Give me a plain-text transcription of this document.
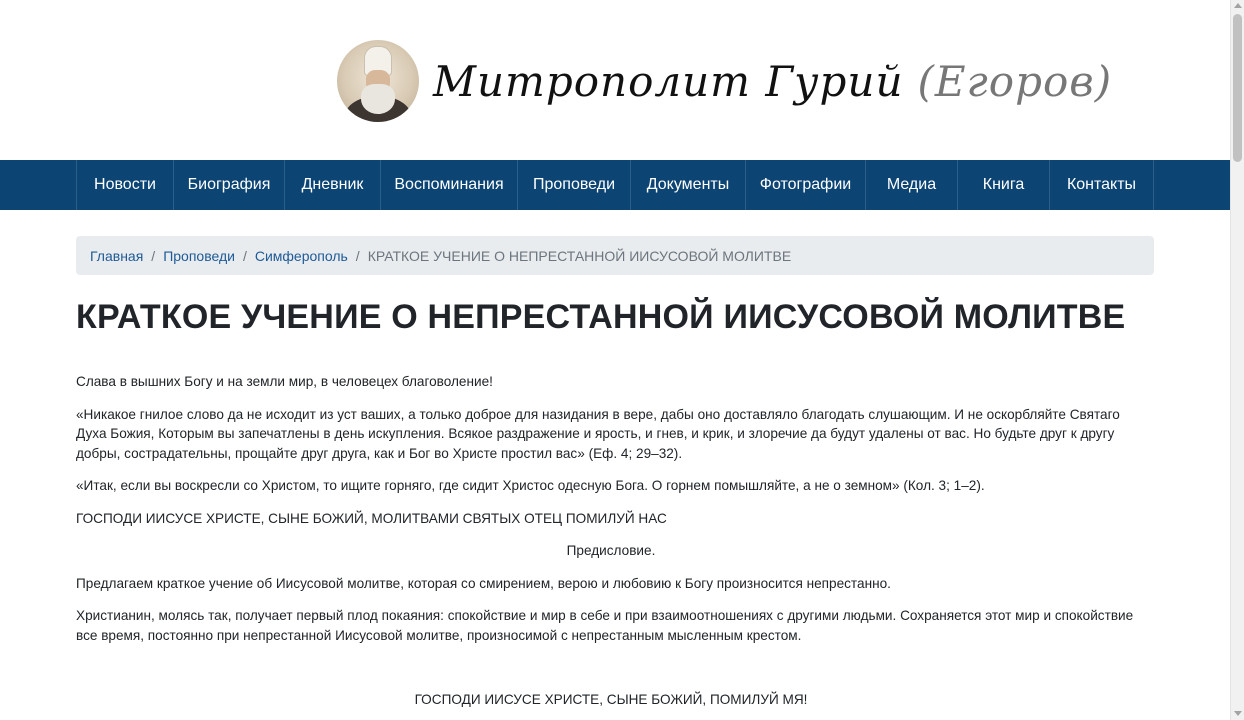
Митрополит Гурий (Егоров)
Новости	Биография	Дневник	Воспоминания	Проповеди	Документы	Фотографии	Медиа	Книга	Контакты
Главная / Проповеди / Симферополь / КРАТКОЕ УЧЕНИЕ О НЕПРЕСТАННОЙ ИИСУСОВОЙ МОЛИТВЕ
КРАТКОЕ УЧЕНИЕ О НЕПРЕСТАННОЙ ИИСУСОВОЙ МОЛИТВЕ

Слава в вышних Богу и на земли мир, в человецех благоволение!

«Никакое гнилое слово да не исходит из уст ваших, а только доброе для назидания в вере, дабы оно доставляло благодать слушающим. И не оскорбляйте Святаго Духа Божия, Которым вы запечатлены в день искупления. Всякое раздражение и ярость, и гнев, и крик, и злоречие да будут удалены от вас. Но будьте друг к другу добры, сострадательны, прощайте друг друга, как и Бог во Христе простил вас» (Еф. 4; 29–32).

«Итак, если вы воскресли со Христом, то ищите горняго, где сидит Христос одесную Бога. О горнем помышляйте, а не о земном» (Кол. 3; 1–2).

ГОСПОДИ ИИСУСЕ ХРИСТЕ, СЫНЕ БОЖИЙ, МОЛИТВАМИ СВЯТЫХ ОТЕЦ ПОМИЛУЙ НАС

Предисловие.

Предлагаем краткое учение об Иисусовой молитве, которая со смирением, верою и любовию к Богу произносится непрестанно.

Христианин, молясь так, получает первый плод покаяния: спокойствие и мир в себе и при взаимоотношениях с другими людьми. Сохраняется этот мир и спокойствие все время, постоянно при непрестанной Иисусовой молитве, произносимой с непрестанным мысленным крестом.

ГОСПОДИ ИИСУСЕ ХРИСТЕ, СЫНЕ БОЖИЙ, ПОМИЛУЙ МЯ!
